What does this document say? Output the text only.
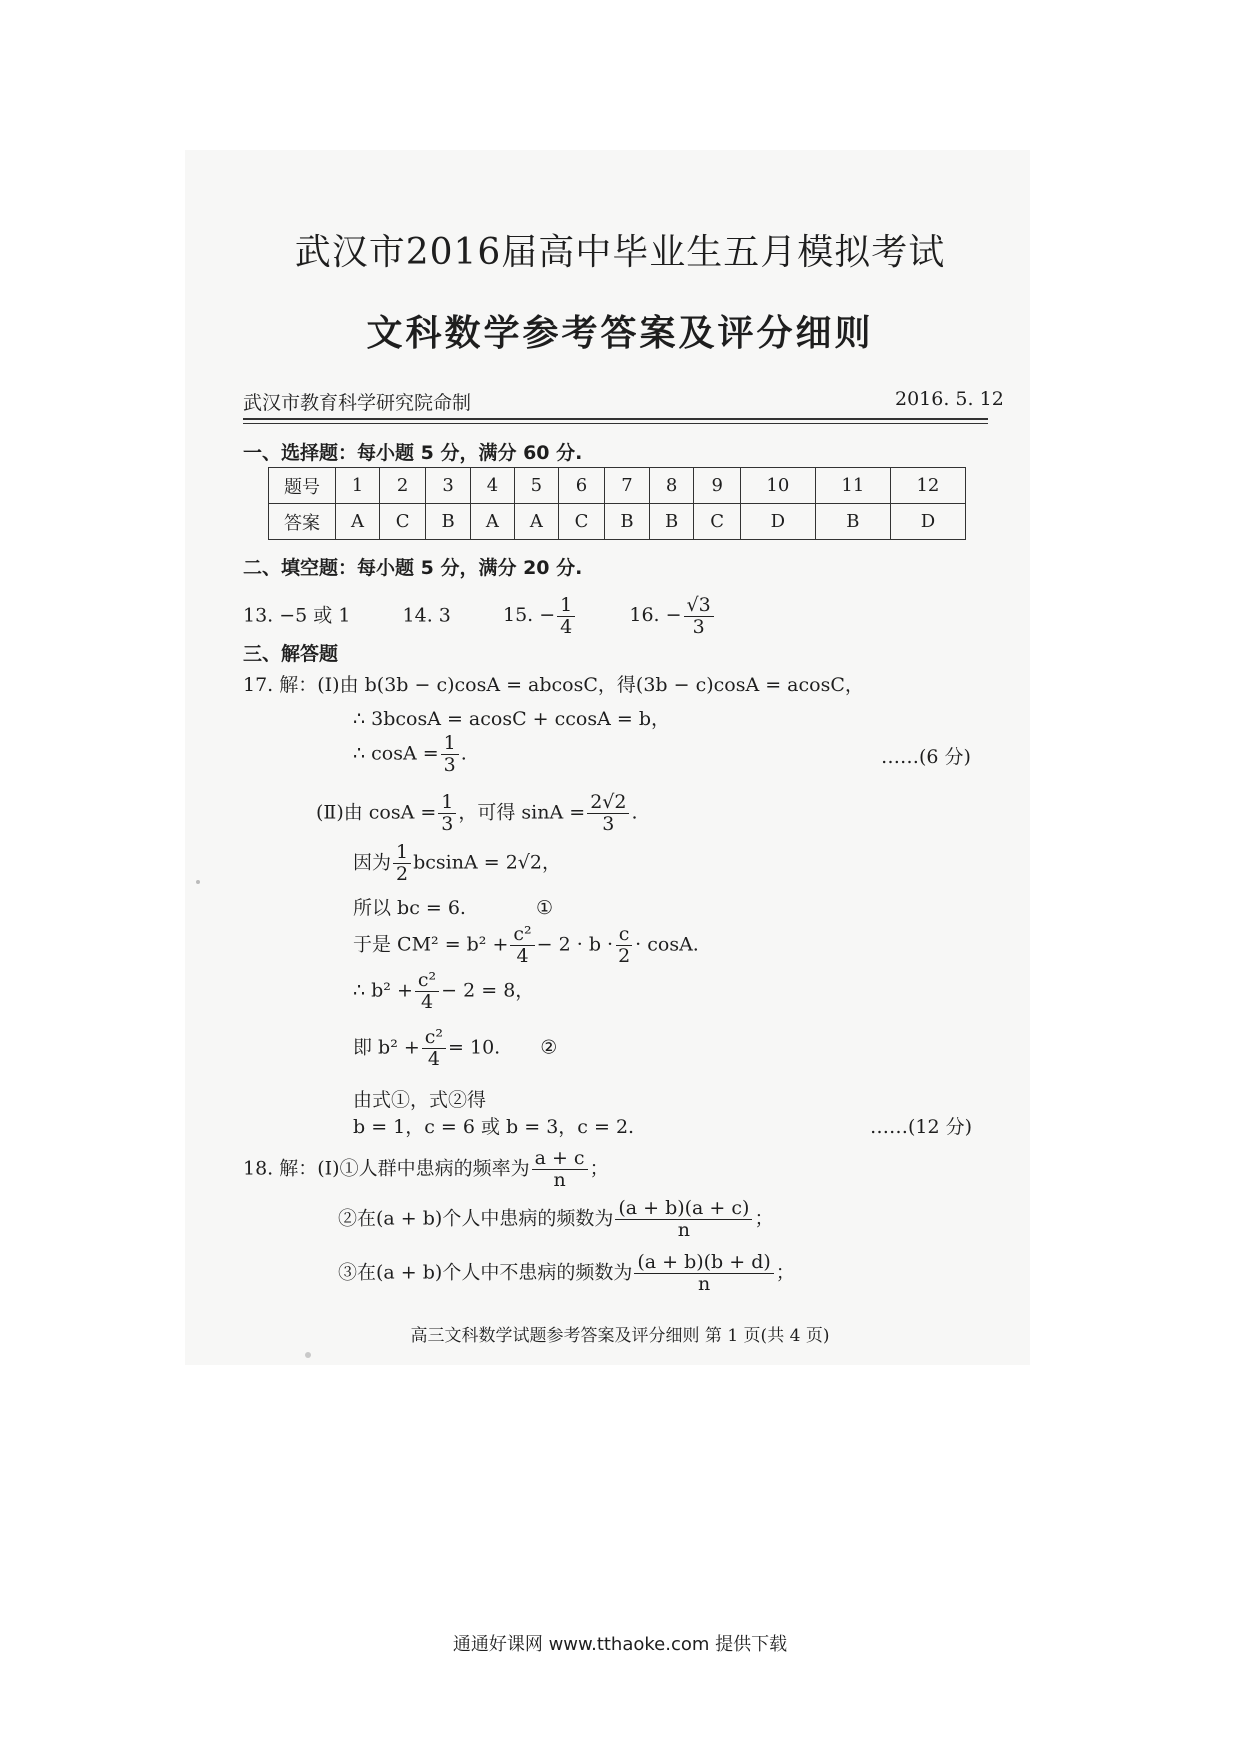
武汉市2016届高中毕业生五月模拟考试
文科数学参考答案及评分细则
武汉市教育科学研究院命制	2016. 5. 12
一、选择题：每小题 5 分，满分 60 分.
题号	1	2	3	4	5	6	7	8	9	10	11	12
答案	A	C	B	A	A	C	B	B	C	D	B	D
二、填空题：每小题 5 分，满分 20 分.
13. −5 或 1	14. 3	15. − $\frac{1}{4}$	16. − $\frac{√3}{3}$
三、解答题
17. 解：(Ⅰ)由 b(3b − c)cosA = abcosC，得(3b − c)cosA = acosC，
∴ 3bcosA = acosC + ccosA = b，
∴ $\cos A = \frac{1}{3}$ .	……(6 分)
(Ⅱ)由 $\cos A = \frac{1}{3}$ ，可得 $\sin A = \frac{2√2}{3}$ .
因为 $\frac{1}{2}$ bcsinA = 2√2，
所以 bc = 6.	①
于是 $CM^2 = b^2 + \frac{\text{c²}}{4} - 2 \cdot b \cdot \frac{c}{2} \cdot \cos A$.
∴ $b^2 + \frac{\text{c²}}{4} - 2 = 8$，
即 $b^2 + \frac{\text{c²}}{4} = 10$. ②
由式①，式②得
b = 1，c = 6 或 b = 3，c = 2.	……(12 分)
18. 解：(Ⅰ)①人群中患病的频率为 $\frac{a + c}{n}$ ；
②在(a + b)个人中患病的频数为 $\frac{(a + b)(a + c)}{n}$ ；
③在(a + b)个人中不患病的频数为 $\frac{(a + b)(b + d)}{n}$ ；
高三文科数学试题参考答案及评分细则 第 1 页(共 4 页)
通通好课网 www.tthaoke.com 提供下载
